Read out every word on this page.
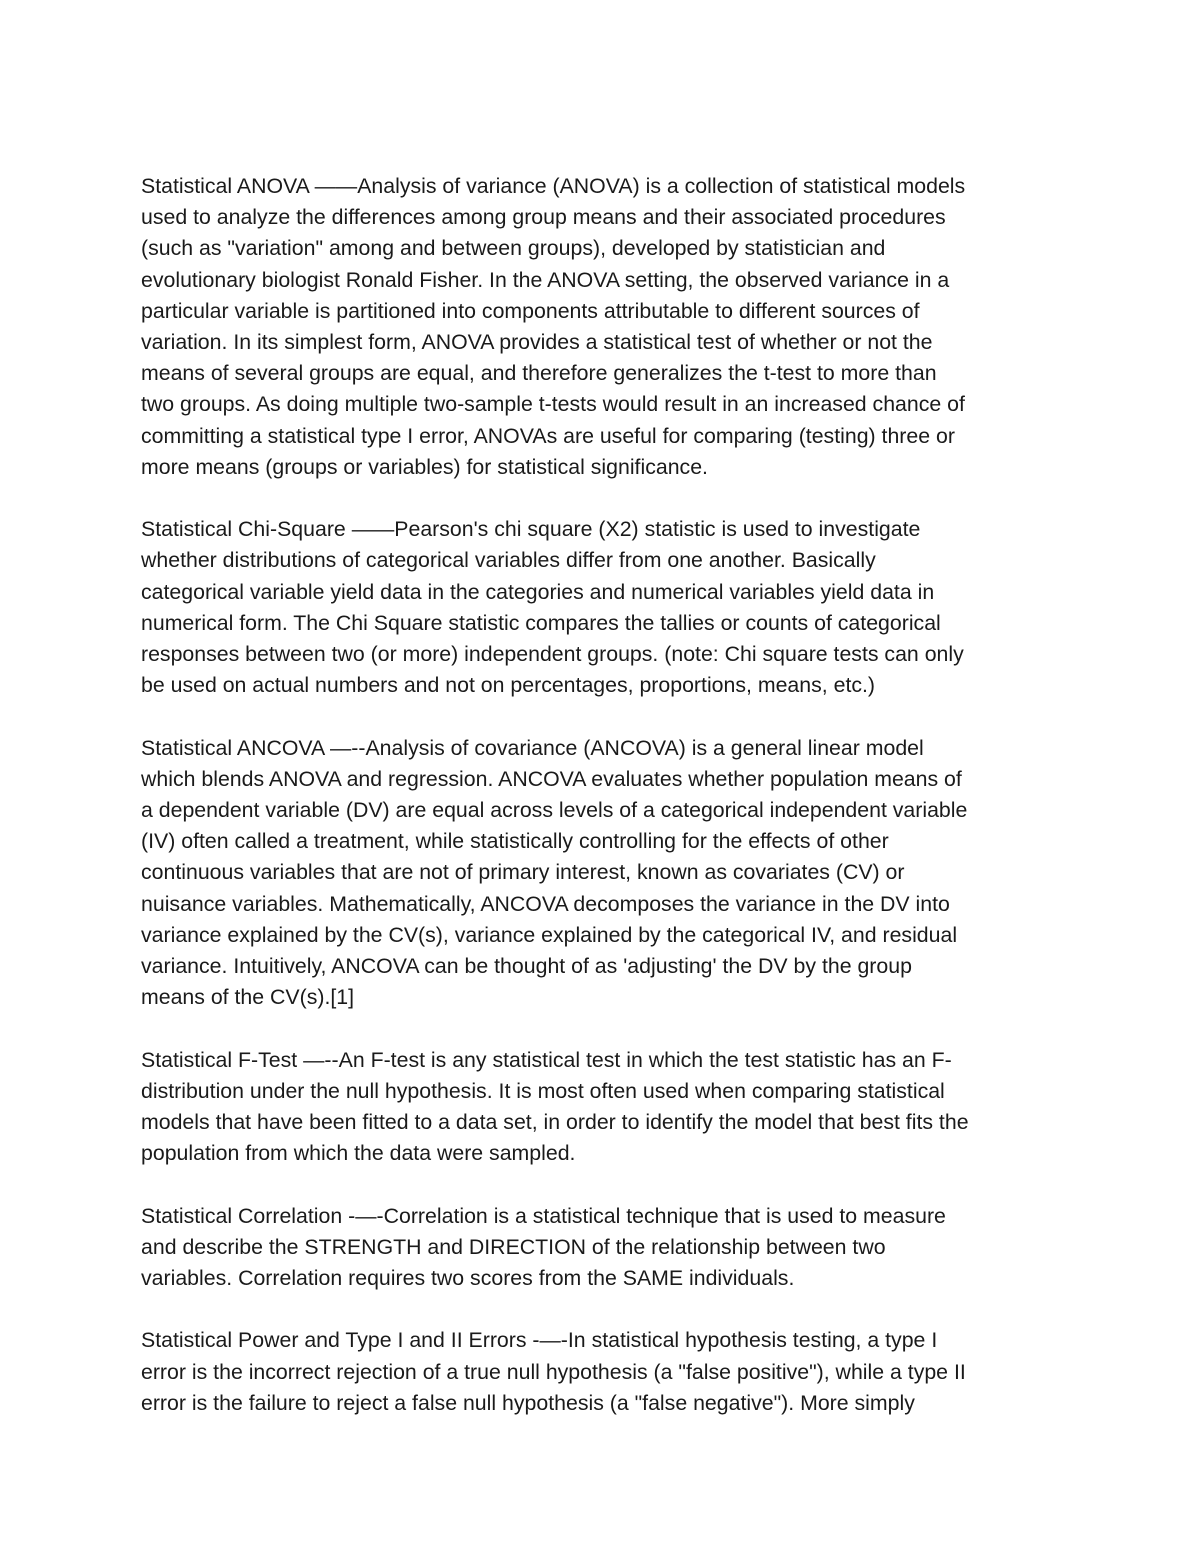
Statistical ANOVA ——Analysis of variance (ANOVA) is a collection of statistical models
used to analyze the differences among group means and their associated procedures
(such as "variation" among and between groups), developed by statistician and
evolutionary biologist Ronald Fisher. In the ANOVA setting, the observed variance in a
particular variable is partitioned into components attributable to different sources of
variation. In its simplest form, ANOVA provides a statistical test of whether or not the
means of several groups are equal, and therefore generalizes the t-test to more than
two groups. As doing multiple two-sample t-tests would result in an increased chance of
committing a statistical type I error, ANOVAs are useful for comparing (testing) three or
more means (groups or variables) for statistical significance.

Statistical Chi-Square ——Pearson's chi square (X2) statistic is used to investigate
whether distributions of categorical variables differ from one another. Basically
categorical variable yield data in the categories and numerical variables yield data in
numerical form. The Chi Square statistic compares the tallies or counts of categorical
responses between two (or more) independent groups. (note: Chi square tests can only
be used on actual numbers and not on percentages, proportions, means, etc.)

Statistical ANCOVA —--Analysis of covariance (ANCOVA) is a general linear model
which blends ANOVA and regression. ANCOVA evaluates whether population means of
a dependent variable (DV) are equal across levels of a categorical independent variable
(IV) often called a treatment, while statistically controlling for the effects of other
continuous variables that are not of primary interest, known as covariates (CV) or
nuisance variables. Mathematically, ANCOVA decomposes the variance in the DV into
variance explained by the CV(s), variance explained by the categorical IV, and residual
variance. Intuitively, ANCOVA can be thought of as 'adjusting' the DV by the group
means of the CV(s).[1]

Statistical F-Test —--An F-test is any statistical test in which the test statistic has an F-
distribution under the null hypothesis. It is most often used when comparing statistical
models that have been fitted to a data set, in order to identify the model that best fits the
population from which the data were sampled.

Statistical Correlation -—-Correlation is a statistical technique that is used to measure
and describe the STRENGTH and DIRECTION of the relationship between two
variables. Correlation requires two scores from the SAME individuals.

Statistical Power and Type I and II Errors -—-In statistical hypothesis testing, a type I
error is the incorrect rejection of a true null hypothesis (a "false positive"), while a type II
error is the failure to reject a false null hypothesis (a "false negative"). More simply
